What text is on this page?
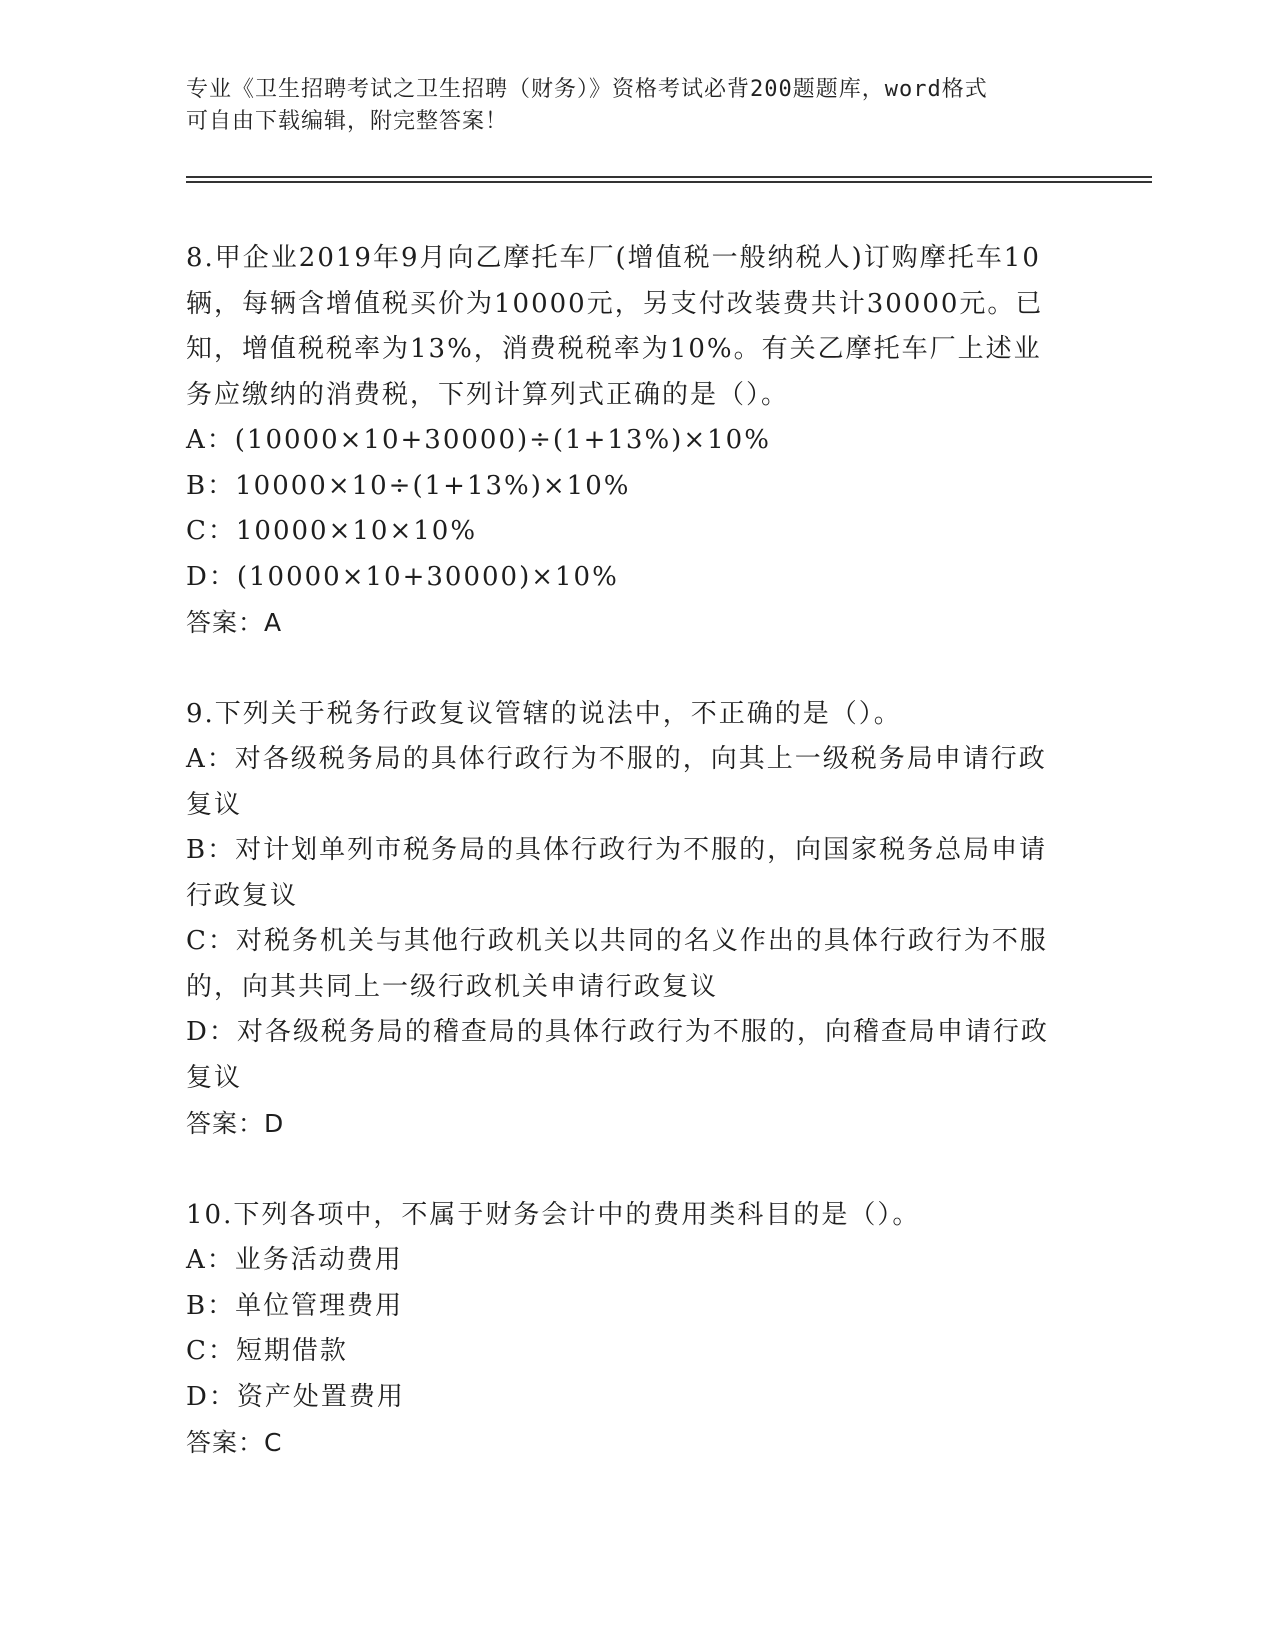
专业《卫生招聘考试之卫生招聘（财务）》资格考试必背200题题库，word格式
可自由下载编辑，附完整答案！
8.甲企业2019年9月向乙摩托车厂(增值税一般纳税人)订购摩托车10
辆，每辆含增值税买价为10000元，另支付改装费共计30000元。已
知，增值税税率为13%，消费税税率为10%。有关乙摩托车厂上述业
务应缴纳的消费税，下列计算列式正确的是（）。
A：(10000×10+30000)÷(1+13%)×10%
B：10000×10÷(1+13%)×10%
C：10000×10×10%
D：(10000×10+30000)×10%
答案：A
9.下列关于税务行政复议管辖的说法中，不正确的是（）。
A：对各级税务局的具体行政行为不服的，向其上一级税务局申请行政
复议
B：对计划单列市税务局的具体行政行为不服的，向国家税务总局申请
行政复议
C：对税务机关与其他行政机关以共同的名义作出的具体行政行为不服
的，向其共同上一级行政机关申请行政复议
D：对各级税务局的稽查局的具体行政行为不服的，向稽查局申请行政
复议
答案：D
10.下列各项中，不属于财务会计中的费用类科目的是（）。
A：业务活动费用
B：单位管理费用
C：短期借款
D：资产处置费用
答案：C
